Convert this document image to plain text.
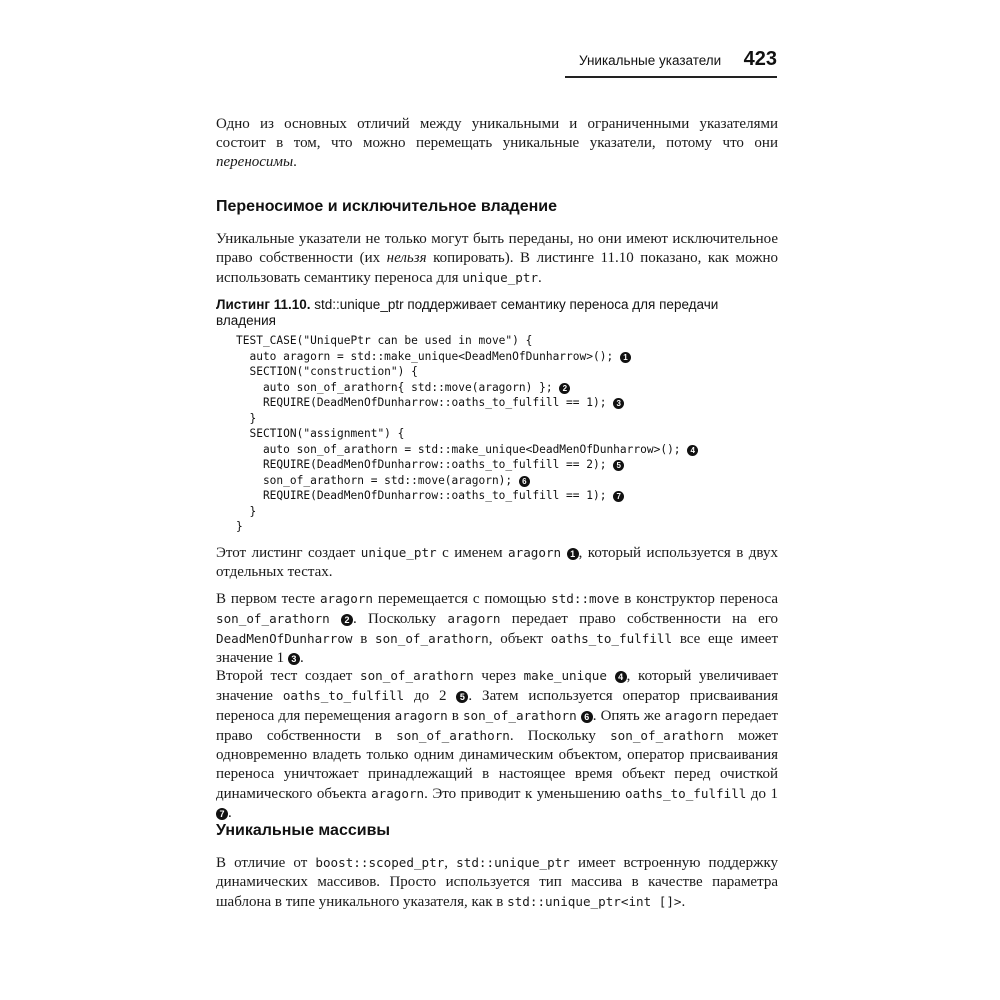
Уникальные указатели 423

Одно из основных отличий между уникальными и ограниченными указателями состоит в том, что можно перемещать уникальные указатели, потому что они переносимы.

Переносимое и исключительное владение

Уникальные указатели не только могут быть переданы, но они имеют исключительное право собственности (их нельзя копировать). В листинге 11.10 показано, как можно использовать семантику переноса для unique_ptr.

Листинг 11.10. std::unique_ptr поддерживает семантику переноса для передачи владения
TEST_CASE("UniquePtr can be used in move") {
auto aragorn = std::make_unique<DeadMenOfDunharrow>(); 1
SECTION("construction") {
auto son_of_arathorn{ std::move(aragorn) }; 2
REQUIRE(DeadMenOfDunharrow::oaths_to_fulfill == 1); 3
}
SECTION("assignment") {
auto son_of_arathorn = std::make_unique<DeadMenOfDunharrow>(); 4
REQUIRE(DeadMenOfDunharrow::oaths_to_fulfill == 2); 5
son_of_arathorn = std::move(aragorn); 6
REQUIRE(DeadMenOfDunharrow::oaths_to_fulfill == 1); 7
}
}

Этот листинг создает unique_ptr с именем aragorn 1 , который используется в двух отдельных тестах.

В первом тесте aragorn перемещается с помощью std::move в конструктор переноса son_of_arathorn 2 . Поскольку aragorn передает право собственности на его DeadMenOfDunharrow в son_of_arathorn, объект oaths_to_fulfill все еще имеет значение 1 3 .

Второй тест создает son_of_arathorn через make_unique 4 , который увеличивает значение oaths_to_fulfill до 2 5 . Затем используется оператор присваивания переноса для перемещения aragorn в son_of_arathorn 6 . Опять же aragorn передает право собственности в son_of_arathorn. Поскольку son_of_arathorn может одновременно владеть только одним динамическим объектом, оператор присваивания переноса уничтожает принадлежащий в настоящее время объект перед очисткой динамического объекта aragorn. Это приводит к уменьшению oaths_to_fulfill до 1 7 .

Уникальные массивы

В отличие от boost::scoped_ptr, std::unique_ptr имеет встроенную поддержку динамических массивов. Просто используется тип массива в качестве параметра шаблона в типе уникального указателя, как в std::unique_ptr<int []>.
